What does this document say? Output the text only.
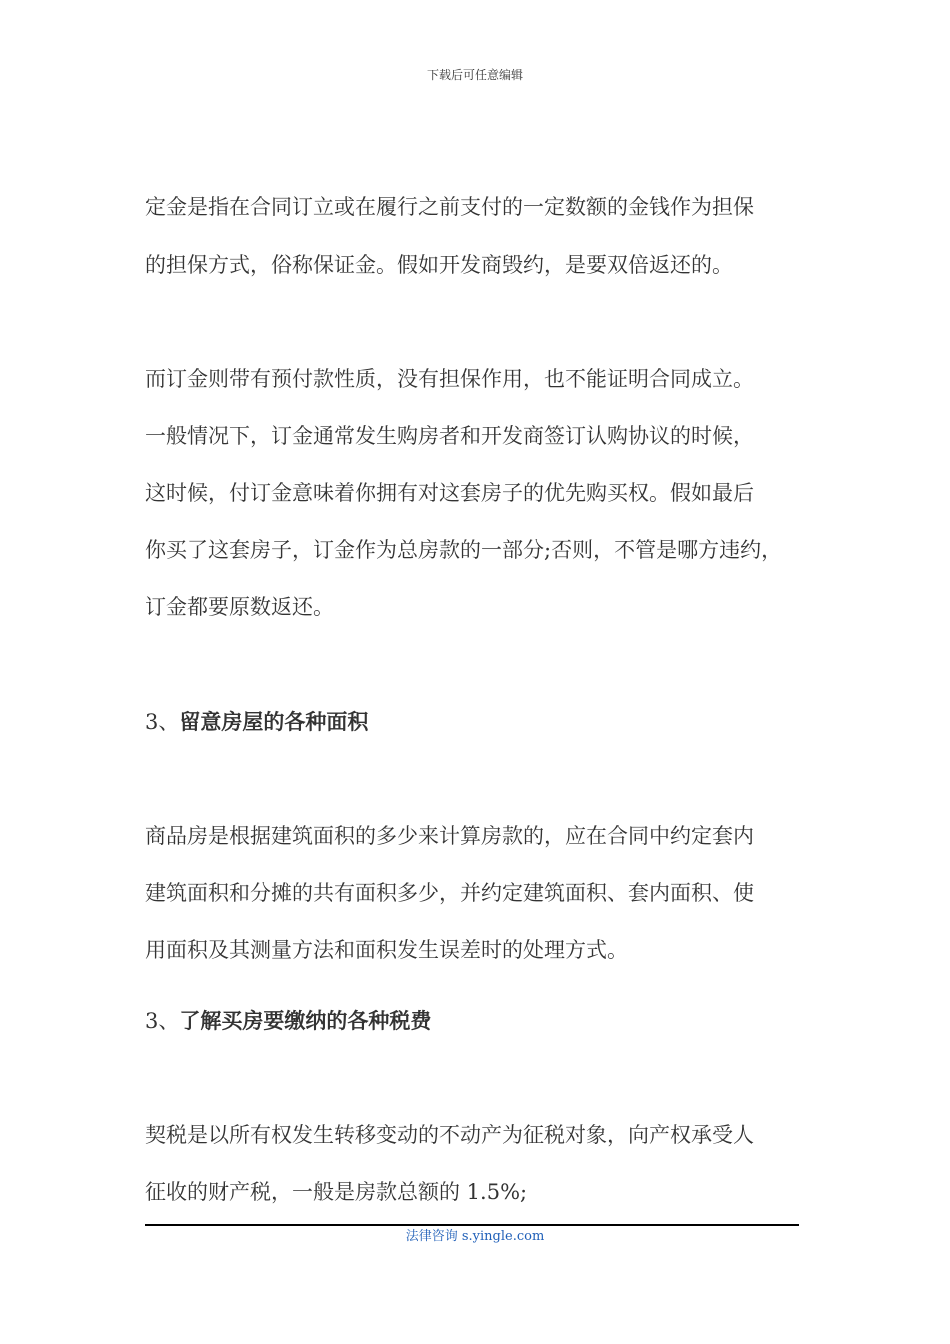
下载后可任意编辑
定金是指在合同订立或在履行之前支付的一定数额的金钱作为担保
的担保方式，俗称保证金。假如开发商毁约，是要双倍返还的。
而订金则带有预付款性质，没有担保作用，也不能证明合同成立。
一般情况下，订金通常发生购房者和开发商签订认购协议的时候，
这时候，付订金意味着你拥有对这套房子的优先购买权。假如最后
你买了这套房子，订金作为总房款的一部分;否则，不管是哪方违约，
订金都要原数返还。
3、留意房屋的各种面积
商品房是根据建筑面积的多少来计算房款的，应在合同中约定套内
建筑面积和分摊的共有面积多少，并约定建筑面积、套内面积、使
用面积及其测量方法和面积发生误差时的处理方式。
3、了解买房要缴纳的各种税费
契税是以所有权发生转移变动的不动产为征税对象，向产权承受人
征收的财产税，一般是房款总额的 1.5%;
法律咨询 s.yingle.com
